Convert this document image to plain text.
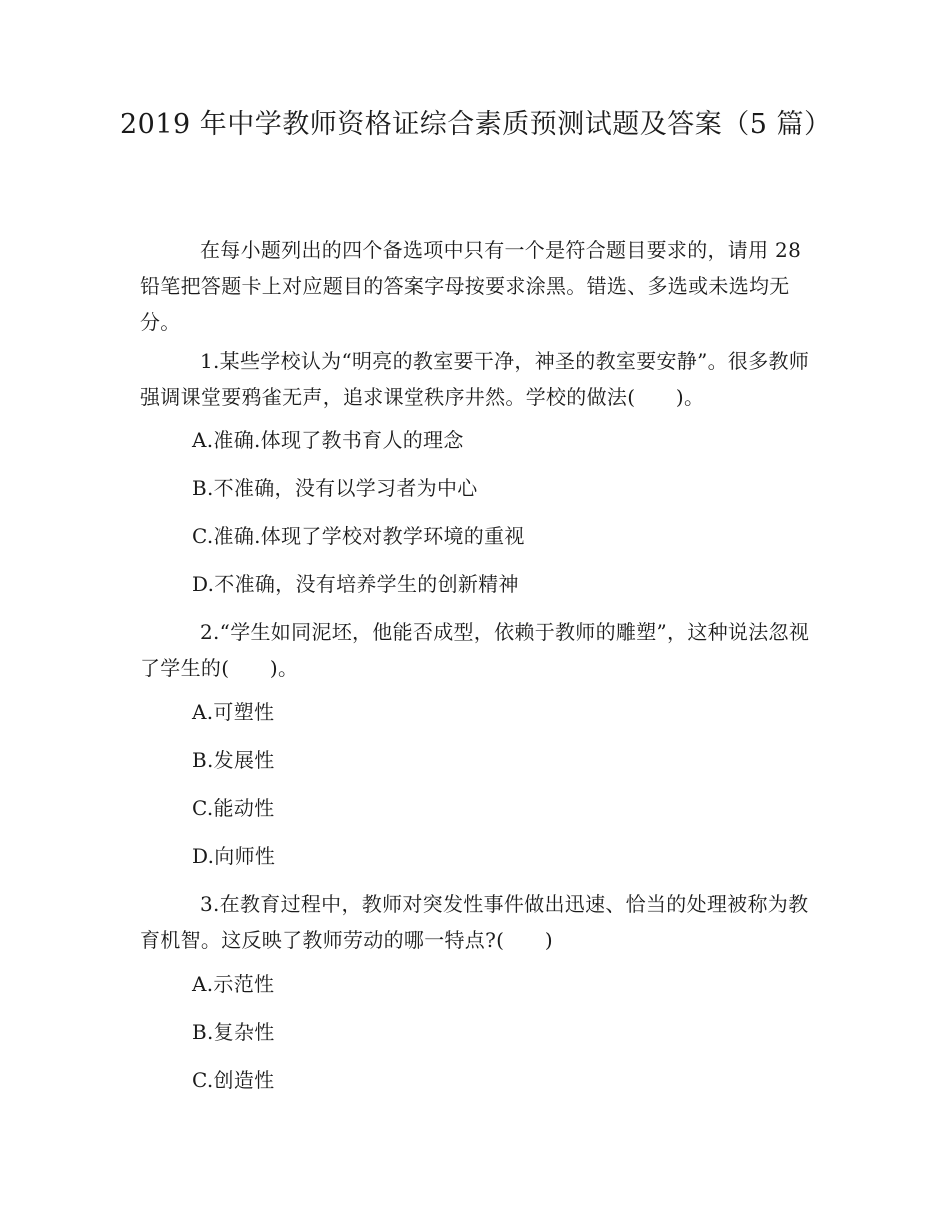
2019 年中学教师资格证综合素质预测试题及答案（5 篇）
在每小题列出的四个备选项中只有一个是符合题目要求的，请用 28 铅笔把答题卡上对应题目的答案字母按要求涂黑。错选、多选或未选均无分。
1.某些学校认为“明亮的教室要干净，神圣的教室要安静”。很多教师强调课堂要鸦雀无声，追求课堂秩序井然。学校的做法(　　)。
A.准确.体现了教书育人的理念
B.不准确，没有以学习者为中心
C.准确.体现了学校对教学环境的重视
D.不准确，没有培养学生的创新精神
2.“学生如同泥坯，他能否成型，依赖于教师的雕塑”，这种说法忽视了学生的(　　)。
A.可塑性
B.发展性
C.能动性
D.向师性
3.在教育过程中，教师对突发性事件做出迅速、恰当的处理被称为教育机智。这反映了教师劳动的哪一特点?(　　)
A.示范性
B.复杂性
C.创造性
